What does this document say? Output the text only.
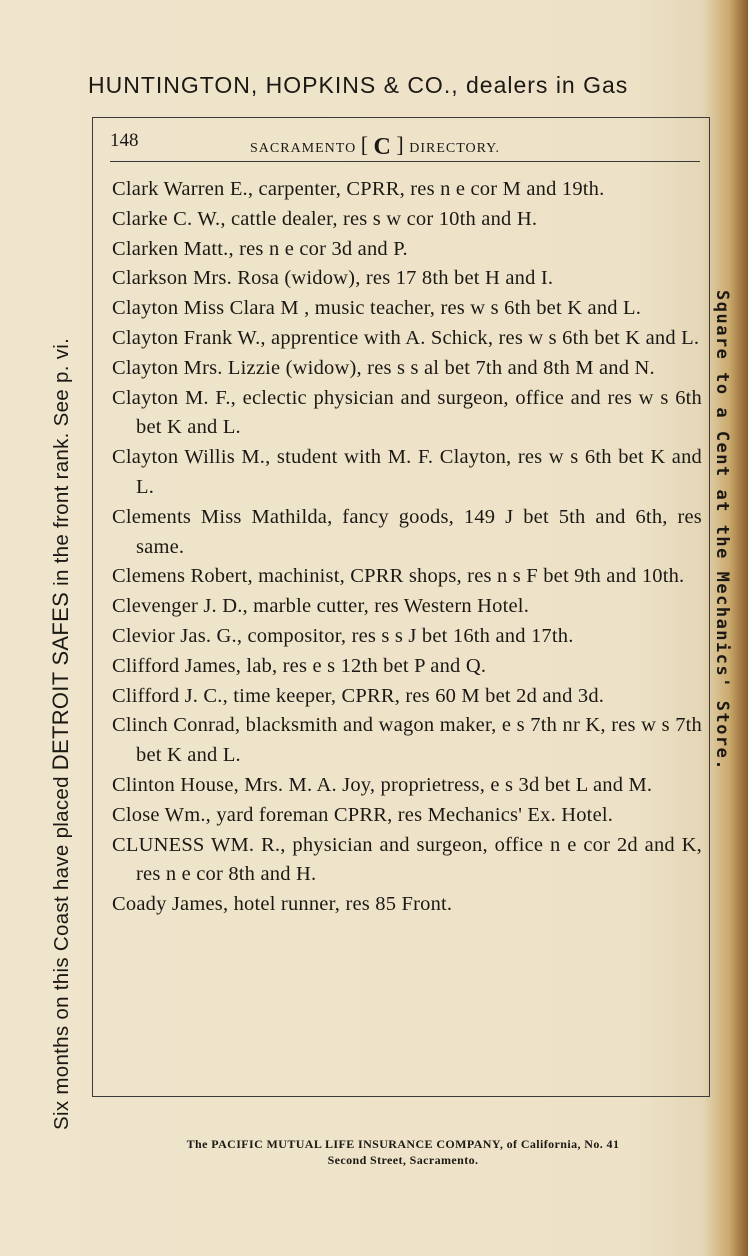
HUNTINGTON, HOPKINS & CO., dealers in Gas
148	SACRAMENTO [ C ] DIRECTORY.
Clark Warren E., carpenter, CPRR, res n e cor M and 19th.
Clarke C. W., cattle dealer, res s w cor 10th and H.
Clarken Matt., res n e cor 3d and P.
Clarkson Mrs. Rosa (widow), res 17 8th bet H and I.
Clayton Miss Clara M , music teacher, res w s 6th bet K and L.
Clayton Frank W., apprentice with A. Schick, res w s 6th bet K and L.
Clayton Mrs. Lizzie (widow), res s s al bet 7th and 8th M and N.
Clayton M. F., eclectic physician and surgeon, office and res w s 6th bet K and L.
Clayton Willis M., student with M. F. Clayton, res w s 6th bet K and L.
Clements Miss Mathilda, fancy goods, 149 J bet 5th and 6th, res same.
Clemens Robert, machinist, CPRR shops, res n s F bet 9th and 10th.
Clevenger J. D., marble cutter, res Western Hotel.
Clevior Jas. G., compositor, res s s J bet 16th and 17th.
Clifford James, lab, res e s 12th bet P and Q.
Clifford J. C., time keeper, CPRR, res 60 M bet 2d and 3d.
Clinch Conrad, blacksmith and wagon maker, e s 7th nr K, res w s 7th bet K and L.
Clinton House, Mrs. M. A. Joy, proprietress, e s 3d bet L and M.
Close Wm., yard foreman CPRR, res Mechanics' Ex. Hotel.
CLUNESS WM. R., physician and surgeon, office n e cor 2d and K, res n e cor 8th and H.
Coady James, hotel runner, res 85 Front.
Six months on this Coast have placed DETROIT SAFES in the front rank. See p. vi.	Square to a Cent at the Mechanics' Store.
The PACIFIC MUTUAL LIFE INSURANCE COMPANY, of California, No. 41
Second Street, Sacramento.
